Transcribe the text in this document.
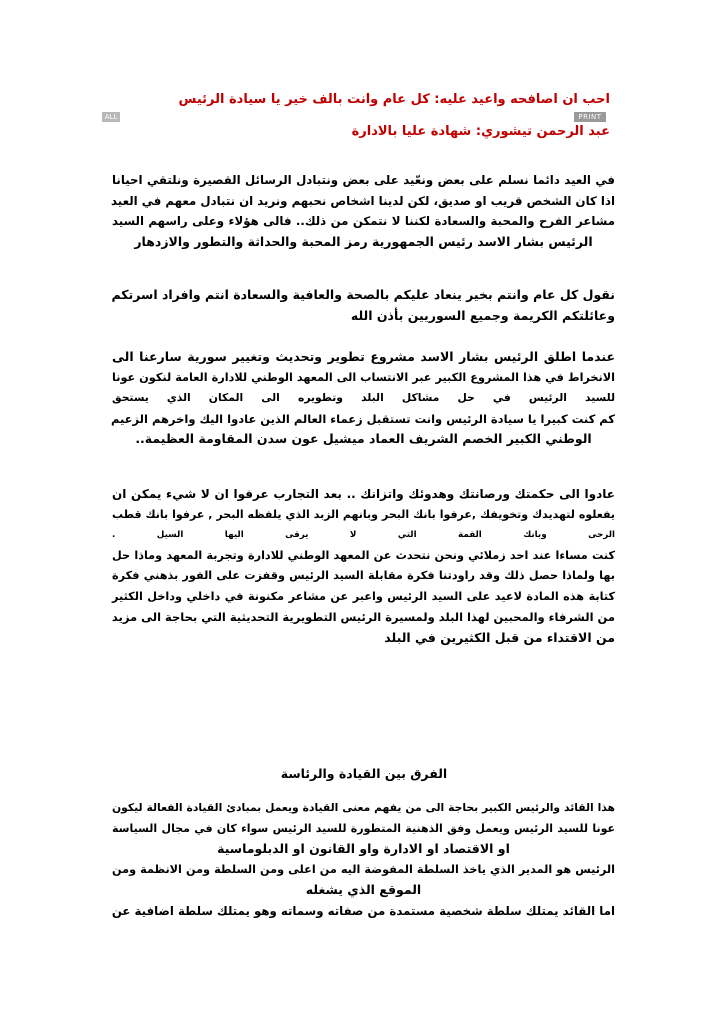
احب ان اصافحه واعيد عليه: كل عام وانت بالف خير يا سيادة الرئيس
PRINT
ALL
عبد الرحمن تيشوري: شهادة عليا بالادارة
في العيد دائما نسلم على بعض ونعّيد على بعض ونتبادل الرسائل القصيرة ونلتقي احيانا
اذا كان الشخص قريب او صديق، لكن لدينا اشخاص نحبهم ونريد ان نتبادل معهم في العيد
مشاعر الفرح والمحبة والسعادة لكننا لا نتمكن من ذلك.. فالى هؤلاء وعلى راسهم السيد
الرئيس بشار الاسد رئيس الجمهورية رمز المحبة والحداثة والتطور والازدهار
نقول كل عام وانتم بخير ينعاد عليكم بالصحة والعافية والسعادة انتم وافراد اسرتكم
وعائلتكم الكريمة وجميع السوريين بأذن الله
عندما اطلق الرئيس بشار الاسد مشروع تطوير وتحديث وتغيير سورية سارعنا الى
الانخراط في هذا المشروع الكبير عبر الانتساب الى المعهد الوطني للادارة العامة لنكون عونا
للسيد الرئيس في حل مشاكل البلد وتطويره الى المكان الذي يستحق
كم كنت كبيرا يا سيادة الرئيس وانت تستقبل زعماء العالم الذين عادوا اليك واخرهم الزعيم
الوطني الكبير الخصم الشريف العماد ميشيل عون سدن المقاومة العظيمة..
عادوا الى حكمتك ورصانتك وهدوئك واتزانك .. بعد التجارب عرفوا ان لا شيء يمكن ان
يفعلوه لتهديدك وتخويفك ,عرفوا بانك البحر وبانهم الزبد الذي يلفظه البحر , عرفوا بانك قطب
الرحى وبانك القمة التي لا يرقى اليها السيل .
كنت مساءا عند احد زملائي ونحن نتحدث عن المعهد الوطني للادارة وتجربة المعهد وماذا حل
بها ولماذا حصل ذلك وقد راودتنا فكرة مقابلة السيد الرئيس وقفزت على الفور بذهني فكرة
كتابة هذه المادة لاعيد على السيد الرئيس واعبر عن مشاعر مكنونة في داخلي وداخل الكثير
من الشرفاء والمحبين لهذا البلد ولمسيرة الرئيس التطويرية التحديثية التي بحاجة الى مزيد
من الاقتداء من قبل الكثيرين في البلد
الفرق بين القيادة والرئاسة
هذا القائد والرئيس الكبير بحاجة الى من يفهم معنى القيادة ويعمل بمبادئ القيادة الفعالة ليكون
عونا للسيد الرئيس ويعمل وفق الذهنية المتطورة للسيد الرئيس سواء كان في مجال السياسة
او الاقتصاد او الادارة واو القانون او الدبلوماسية
الرئيس هو المدير الذي ياخذ السلطة المفوضة اليه من اعلى ومن السلطة ومن الانظمة ومن
الموقع الذي يشغله
اما القائد يمتلك سلطة شخصية مستمدة من صفاته وسماته وهو يمتلك سلطة اضافية عن
